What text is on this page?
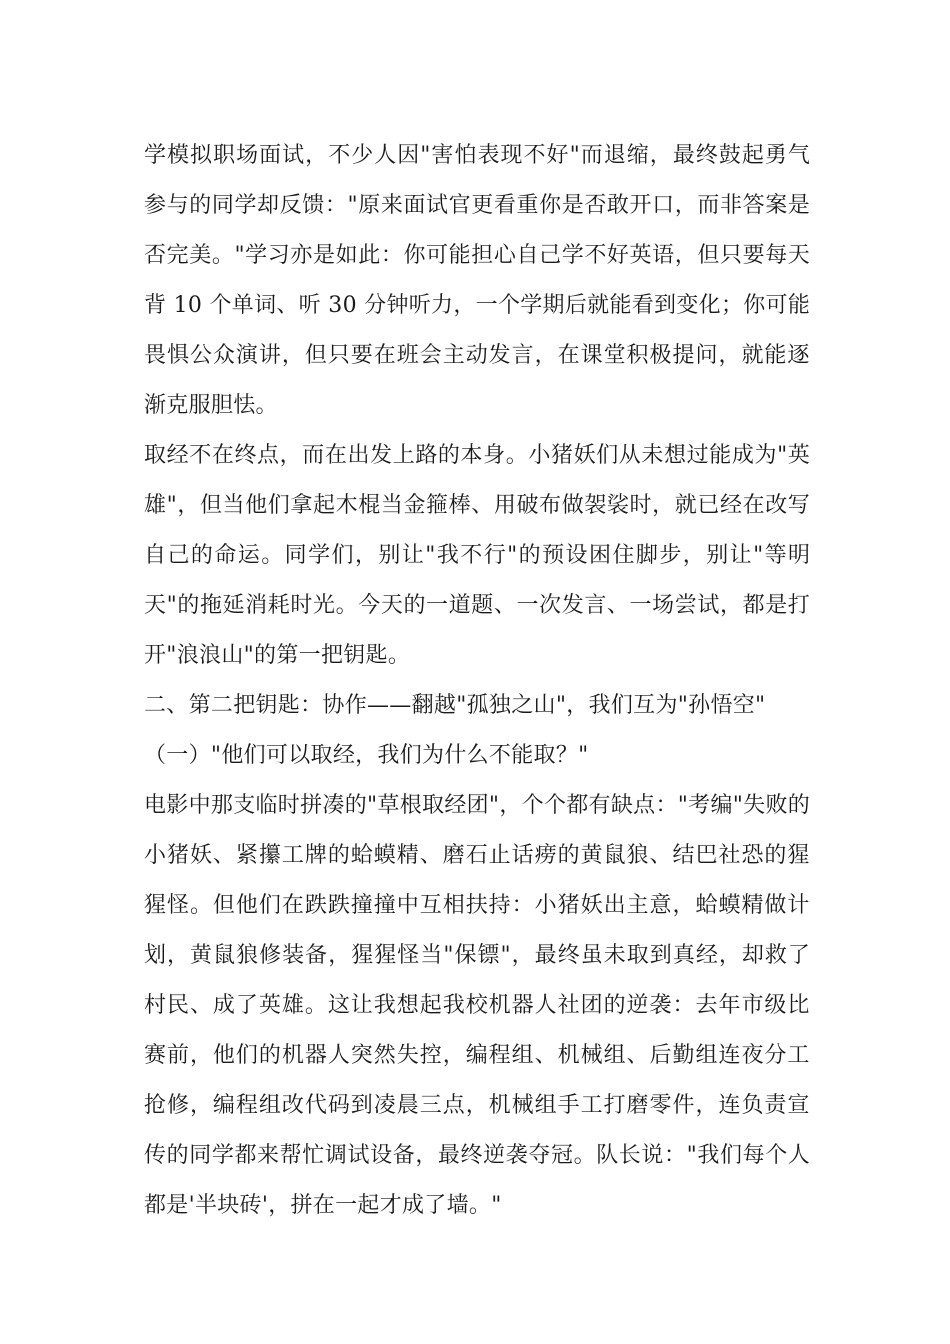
学模拟职场面试，不少人因"害怕表现不好"而退缩，最终鼓起勇气
参与的同学却反馈："原来面试官更看重你是否敢开口，而非答案是
否完美。"学习亦是如此：你可能担心自己学不好英语，但只要每天
背 10 个单词、听 30 分钟听力，一个学期后就能看到变化；你可能
畏惧公众演讲，但只要在班会主动发言，在课堂积极提问，就能逐
渐克服胆怯。
取经不在终点，而在出发上路的本身。小猪妖们从未想过能成为"英
雄"，但当他们拿起木棍当金箍棒、用破布做袈裟时，就已经在改写
自己的命运。同学们，别让"我不行"的预设困住脚步，别让"等明
天"的拖延消耗时光。今天的一道题、一次发言、一场尝试，都是打
开"浪浪山"的第一把钥匙。
二、第二把钥匙：协作——翻越"孤独之山"，我们互为"孙悟空"
（一）"他们可以取经，我们为什么不能取？"
电影中那支临时拼凑的"草根取经团"，个个都有缺点："考编"失败的
小猪妖、紧攥工牌的蛤蟆精、磨石止话痨的黄鼠狼、结巴社恐的猩
猩怪。但他们在跌跌撞撞中互相扶持：小猪妖出主意，蛤蟆精做计
划，黄鼠狼修装备，猩猩怪当"保镖"，最终虽未取到真经，却救了
村民、成了英雄。这让我想起我校机器人社团的逆袭：去年市级比
赛前，他们的机器人突然失控，编程组、机械组、后勤组连夜分工
抢修，编程组改代码到凌晨三点，机械组手工打磨零件，连负责宣
传的同学都来帮忙调试设备，最终逆袭夺冠。队长说："我们每个人
都是'半块砖'，拼在一起才成了墙。"
